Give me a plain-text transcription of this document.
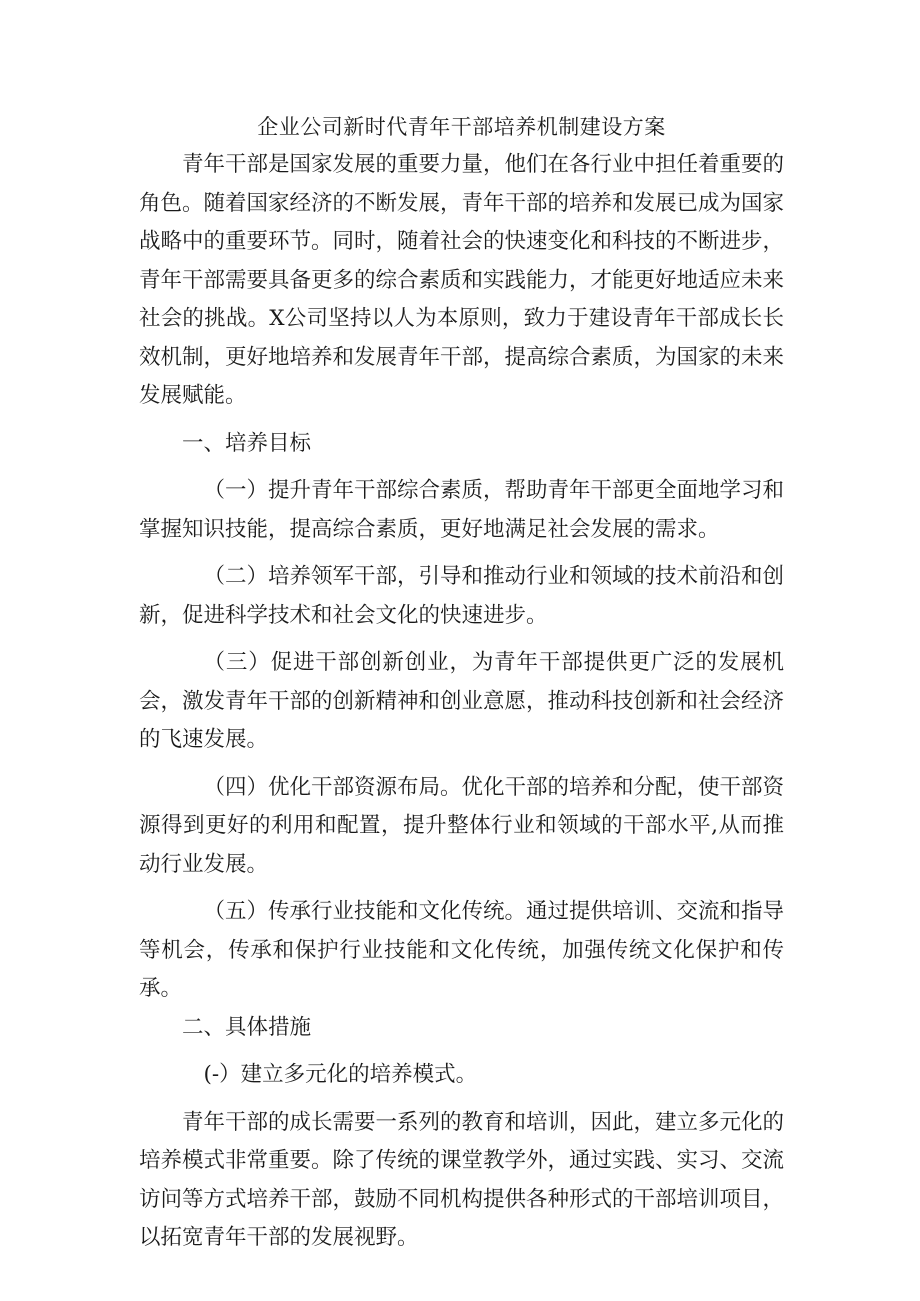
企业公司新时代青年干部培养机制建设方案

青年干部是国家发展的重要力量，他们在各行业中担任着重要的角色。随着国家经济的不断发展，青年干部的培养和发展已成为国家战略中的重要环节。同时，随着社会的快速变化和科技的不断进步，青年干部需要具备更多的综合素质和实践能力，才能更好地适应未来社会的挑战。X公司坚持以人为本原则，致力于建设青年干部成长长效机制，更好地培养和发展青年干部，提高综合素质，为国家的未来发展赋能。

一、培养目标

（一）提升青年干部综合素质，帮助青年干部更全面地学习和掌握知识技能，提高综合素质，更好地满足社会发展的需求。

（二）培养领军干部，引导和推动行业和领域的技术前沿和创新，促进科学技术和社会文化的快速进步。

（三）促进干部创新创业，为青年干部提供更广泛的发展机会，激发青年干部的创新精神和创业意愿，推动科技创新和社会经济的飞速发展。

（四）优化干部资源布局。优化干部的培养和分配，使干部资源得到更好的利用和配置，提升整体行业和领域的干部水平,从而推动行业发展。

（五）传承行业技能和文化传统。通过提供培训、交流和指导等机会，传承和保护行业技能和文化传统，加强传统文化保护和传承。

二、具体措施

(-）建立多元化的培养模式。

青年干部的成长需要一系列的教育和培训，因此，建立多元化的培养模式非常重要。除了传统的课堂教学外，通过实践、实习、交流访问等方式培养干部，鼓励不同机构提供各种形式的干部培训项目，以拓宽青年干部的发展视野。
